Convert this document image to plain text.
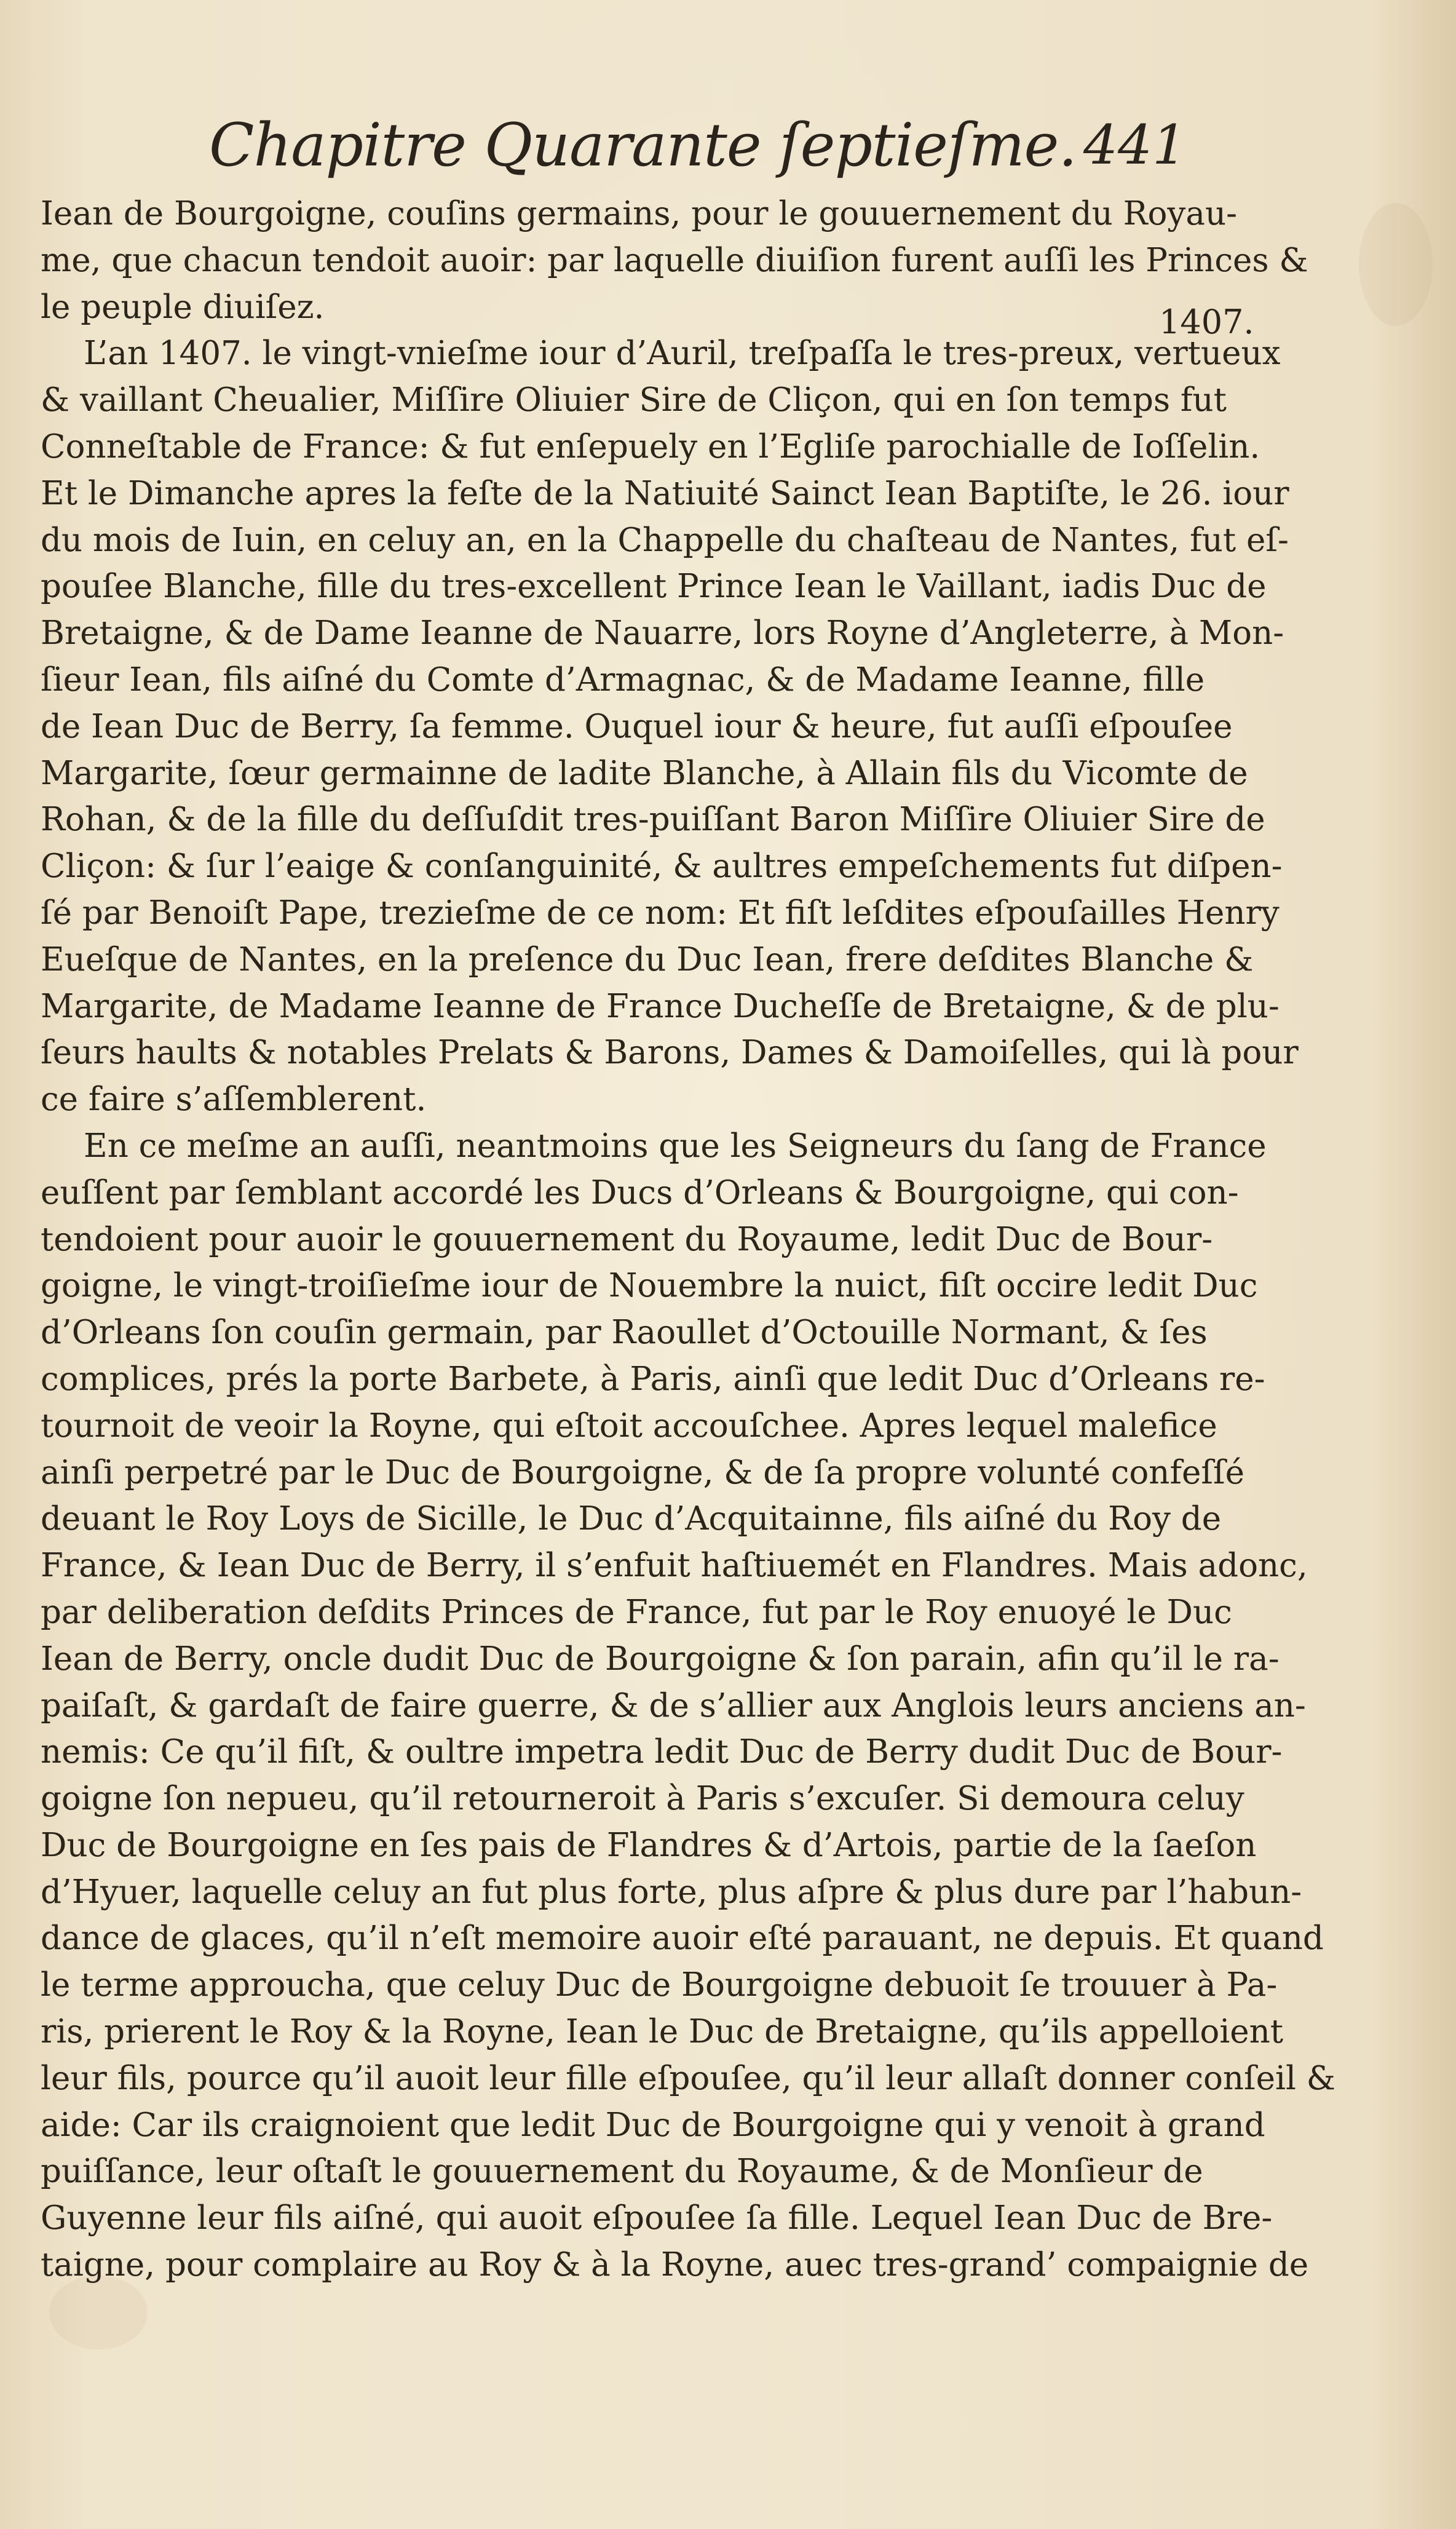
Chapitre Quarante ſeptieſme. 441
1407.
Iean de Bourgoigne, couſins germains, pour le gouuernement du Royau-
me, que chacun tendoit auoir: par laquelle diuiſion furent auſſi les Princes &
le peuple diuiſez.
L’an 1407. le vingt-vnieſme iour d’Auril, treſpaſſa le tres-preux, vertueux
& vaillant Cheualier, Miſſire Oliuier Sire de Cliçon, qui en ſon temps fut
Conneſtable de France: & fut enſepuely en l’Egliſe parochialle de Ioſſelin.
Et le Dimanche apres la feſte de la Natiuité Sainct Iean Baptiſte, le 26. iour
du mois de Iuin, en celuy an, en la Chappelle du chaſteau de Nantes, fut eſ-
pouſee Blanche, fille du tres-excellent Prince Iean le Vaillant, iadis Duc de
Bretaigne, & de Dame Ieanne de Nauarre, lors Royne d’Angleterre, à Mon-
ſieur Iean, fils aiſné du Comte d’Armagnac, & de Madame Ieanne, fille
de Iean Duc de Berry, ſa femme. Ouquel iour & heure, fut auſſi eſpouſee
Margarite, ſœur germainne de ladite Blanche, à Allain fils du Vicomte de
Rohan, & de la fille du deſſuſdit tres-puiſſant Baron Miſſire Oliuier Sire de
Cliçon: & ſur l’eaige & conſanguinité, & aultres empeſchements fut diſpen-
ſé par Benoiſt Pape, treziеſme de ce nom: Et fiſt leſdites eſpouſailles Henry
Eueſque de Nantes, en la preſence du Duc Iean, frere deſdites Blanche &
Margarite, de Madame Ieanne de France Ducheſſe de Bretaigne, & de plu-
ſeurs haults & notables Prelats & Barons, Dames & Damoiſelles, qui là pour
ce faire s’aſſemblerent.
En ce meſme an auſſi, neantmoins que les Seigneurs du ſang de France
euſſent par ſemblant accordé les Ducs d’Orleans & Bourgoigne, qui con-
tendoient pour auoir le gouuernement du Royaume, ledit Duc de Bour-
goigne, le vingt-troiſieſme iour de Nouembre la nuict, fiſt occire ledit Duc
d’Orleans ſon couſin germain, par Raoullet d’Octouille Normant, & ſes
complices, prés la porte Barbete, à Paris, ainſi que ledit Duc d’Orleans re-
tournoit de veoir la Royne, qui eſtoit accouſchee. Apres lequel malefice
ainſi perpetré par le Duc de Bourgoigne, & de ſa propre volunté confeſſé
deuant le Roy Loys de Sicille, le Duc d’Acquitainne, fils aiſné du Roy de
France, & Iean Duc de Berry, il s’enfuit haſtiuemét en Flandres. Mais adonc,
par deliberation deſdits Princes de France, fut par le Roy enuoyé le Duc
Iean de Berry, oncle dudit Duc de Bourgoigne & ſon parain, afin qu’il le ra-
paiſaſt, & gardaſt de faire guerre, & de s’allier aux Anglois leurs anciens an-
nemis: Ce qu’il fiſt, & oultre impetra ledit Duc de Berry dudit Duc de Bour-
goigne ſon nepueu, qu’il retourneroit à Paris s’excuſer. Si demoura celuy
Duc de Bourgoigne en ſes pais de Flandres & d’Artois, partie de la ſaeſon
d’Hyuer, laquelle celuy an fut plus forte, plus aſpre & plus dure par l’habun-
dance de glaces, qu’il n’eſt memoire auoir eſté parauant, ne depuis. Et quand
le terme approucha, que celuy Duc de Bourgoigne debuoit ſe trouuer à Pa-
ris, prierent le Roy & la Royne, Iean le Duc de Bretaigne, qu’ils appelloient
leur fils, pource qu’il auoit leur fille eſpouſee, qu’il leur allaſt donner conſeil &
aide: Car ils craignoient que ledit Duc de Bourgoigne qui y venoit à grand
puiſſance, leur oſtaſt le gouuernement du Royaume, & de Monſieur de
Guyenne leur fils aiſné, qui auoit eſpouſee ſa fille. Lequel Iean Duc de Bre-
taigne, pour complaire au Roy & à la Royne, auec tres-grand’ compaignie de
